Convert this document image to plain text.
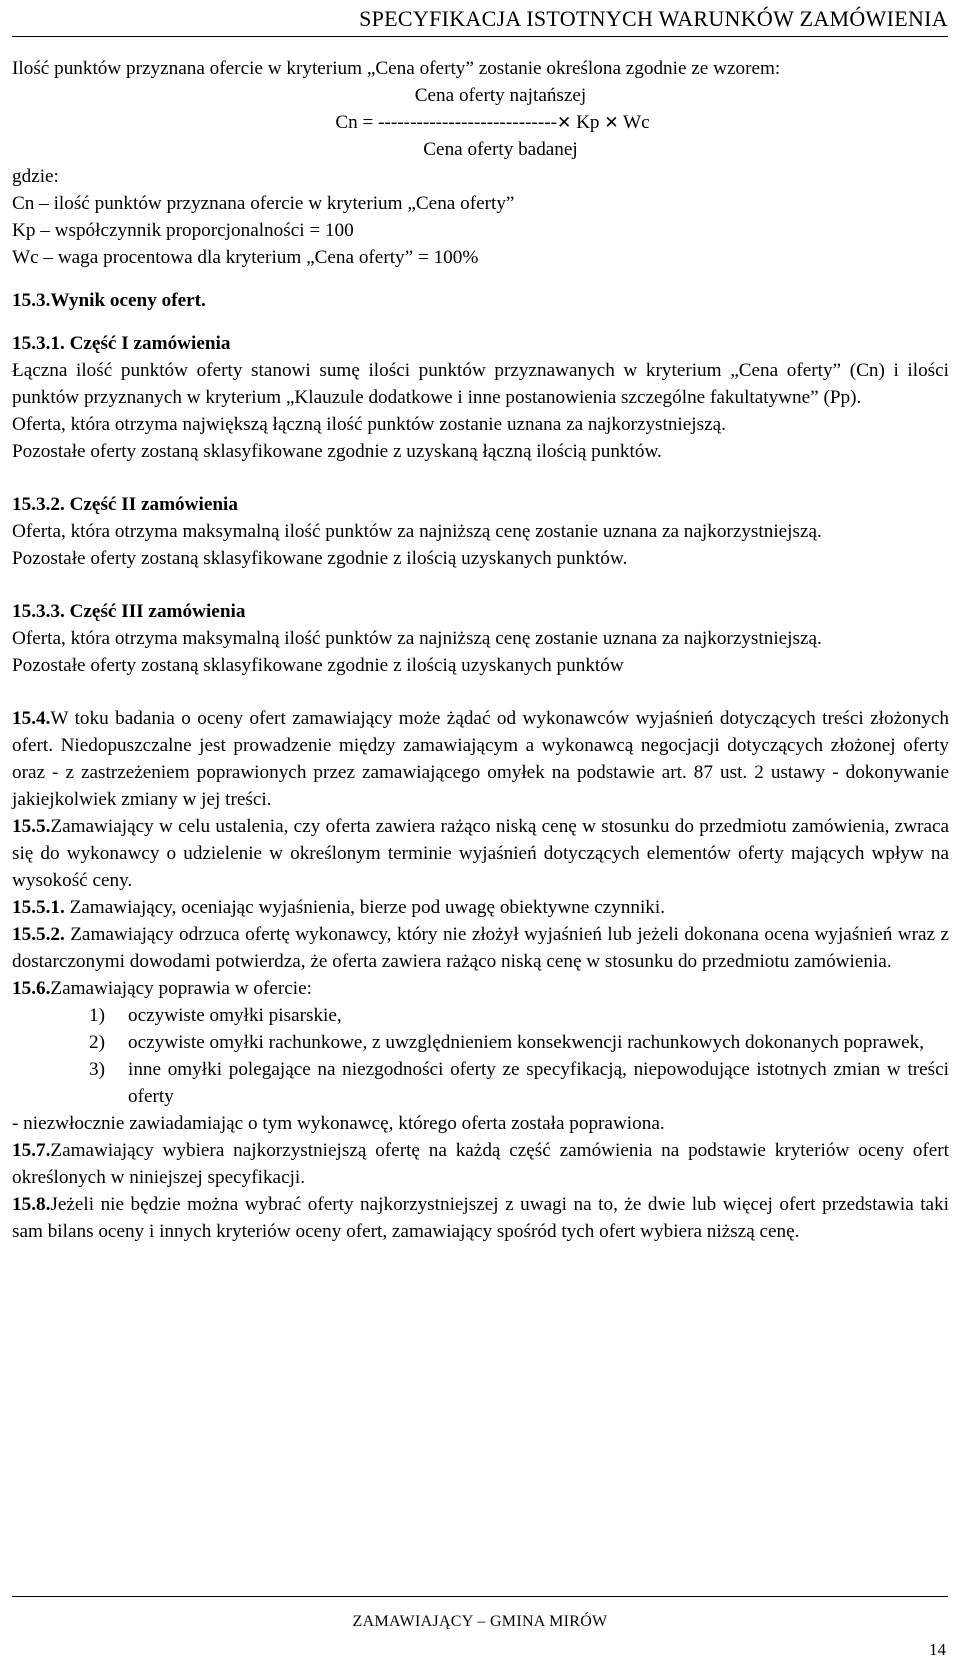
SPECYFIKACJA ISTOTNYCH WARUNKÓW ZAMÓWIENIA

Ilość punktów przyznana ofercie w kryterium „Cena oferty” zostanie określona zgodnie ze wzorem:

Cena oferty najtańszej

Cn = ----------------------------✕ Kp ✕ Wc

Cena oferty badanej

gdzie:

Cn – ilość punktów przyznana ofercie w kryterium „Cena oferty”

Kp – współczynnik proporcjonalności = 100

Wc – waga procentowa dla kryterium „Cena oferty” = 100%

15.3.Wynik oceny ofert.

15.3.1. Część I zamówienia

Łączna ilość punktów oferty stanowi sumę ilości punktów przyznawanych w kryterium „Cena oferty” (Cn) i ilości punktów przyznanych w kryterium „Klauzule dodatkowe i inne postanowienia szczególne fakultatywne” (Pp).

Oferta, która otrzyma największą łączną ilość punktów zostanie uznana za najkorzystniejszą.

Pozostałe oferty zostaną sklasyfikowane zgodnie z uzyskaną łączną ilością punktów.

15.3.2. Część II zamówienia

Oferta, która otrzyma maksymalną ilość punktów za najniższą cenę zostanie uznana za najkorzystniejszą.

Pozostałe oferty zostaną sklasyfikowane zgodnie z ilością uzyskanych punktów.

15.3.3. Część III zamówienia

Oferta, która otrzyma maksymalną ilość punktów za najniższą cenę zostanie uznana za najkorzystniejszą.

Pozostałe oferty zostaną sklasyfikowane zgodnie z ilością uzyskanych punktów

15.4.W toku badania o oceny ofert zamawiający może żądać od wykonawców wyjaśnień dotyczących treści złożonych ofert. Niedopuszczalne jest prowadzenie między zamawiającym a wykonawcą negocjacji dotyczących złożonej oferty oraz - z zastrzeżeniem poprawionych przez zamawiającego omyłek na podstawie art. 87 ust. 2 ustawy - dokonywanie jakiejkolwiek zmiany w jej treści.

15.5.Zamawiający w celu ustalenia, czy oferta zawiera rażąco niską cenę w stosunku do przedmiotu zamówienia, zwraca się do wykonawcy o udzielenie w określonym terminie wyjaśnień dotyczących elementów oferty mających wpływ na wysokość ceny.

15.5.1. Zamawiający, oceniając wyjaśnienia, bierze pod uwagę obiektywne czynniki.

15.5.2. Zamawiający odrzuca ofertę wykonawcy, który nie złożył wyjaśnień lub jeżeli dokonana ocena wyjaśnień wraz z dostarczonymi dowodami potwierdza, że oferta zawiera rażąco niską cenę w stosunku do przedmiotu zamówienia.

15.6.Zamawiający poprawia w ofercie:

1) oczywiste omyłki pisarskie,
2) oczywiste omyłki rachunkowe, z uwzględnieniem konsekwencji rachunkowych dokonanych poprawek,
3) inne omyłki polegające na niezgodności oferty ze specyfikacją, niepowodujące istotnych zmian w treści oferty

- niezwłocznie zawiadamiając o tym wykonawcę, którego oferta została poprawiona.

15.7.Zamawiający wybiera najkorzystniejszą ofertę na każdą część zamówienia na podstawie kryteriów oceny ofert określonych w niniejszej specyfikacji.

15.8.Jeżeli nie będzie można wybrać oferty najkorzystniejszej z uwagi na to, że dwie lub więcej ofert przedstawia taki sam bilans oceny i innych kryteriów oceny ofert, zamawiający spośród tych ofert wybiera niższą cenę.

ZAMAWIAJĄCY – GMINA MIRÓW
14
